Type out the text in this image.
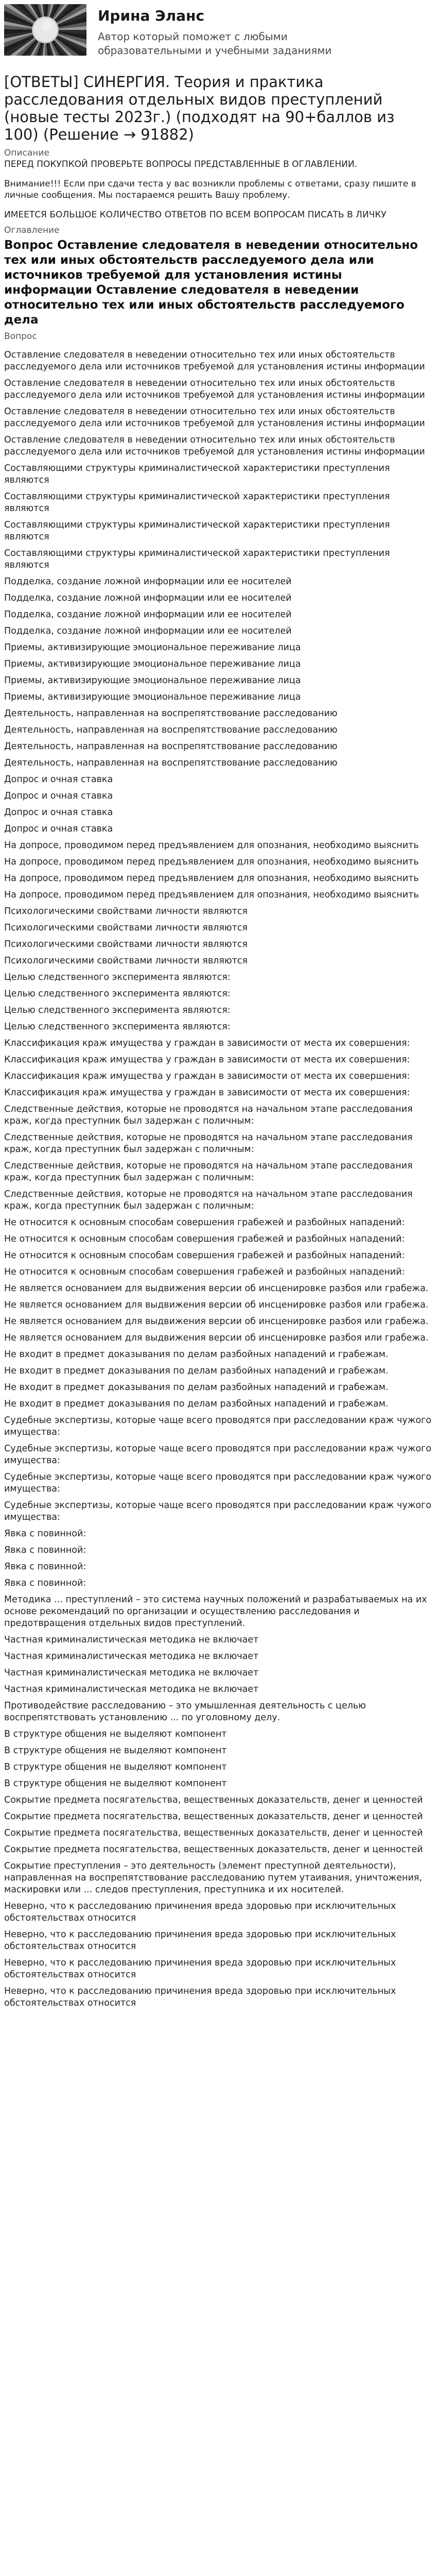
Ирина Эланс
Автор который поможет с любыми образовательными и учебными заданиями
[ОТВЕТЫ] СИНЕРГИЯ. Теория и практика расследования отдельных видов преступлений (новые тесты 2023г.) (подходят на 90+баллов из 100) (Решение → 91882)
Описание
ПЕРЕД ПОКУПКОЙ ПРОВЕРЬТЕ ВОПРОСЫ ПРЕДСТАВЛЕННЫЕ В ОГЛАВЛЕНИИ.
Внимание!!! Если при сдачи теста у вас возникли проблемы с ответами, сразу пишите в личные сообщения. Мы постараемся решить Вашу проблему.
ИМЕЕТСЯ БОЛЬШОЕ КОЛИЧЕСТВО ОТВЕТОВ ПО ВСЕМ ВОПРОСАМ ПИСАТЬ В ЛИЧКУ
Оглавление
Вопрос Оставление следователя в неведении относительно тех или иных обстоятельств расследуемого дела или источников требуемой для установления истины информации Оставление следователя в неведении относительно тех или иных обстоятельств расследуемого дела
Вопрос
Оставление следователя в неведении относительно тех или иных обстоятельств расследуемого дела или источников требуемой для установления истины информации
Оставление следователя в неведении относительно тех или иных обстоятельств расследуемого дела или источников требуемой для установления истины информации
Оставление следователя в неведении относительно тех или иных обстоятельств расследуемого дела или источников требуемой для установления истины информации
Оставление следователя в неведении относительно тех или иных обстоятельств расследуемого дела или источников требуемой для установления истины информации
Составляющими структуры криминалистической характеристики преступления являются
Составляющими структуры криминалистической характеристики преступления являются
Составляющими структуры криминалистической характеристики преступления являются
Составляющими структуры криминалистической характеристики преступления являются
Подделка, создание ложной информации или ее носителей
Подделка, создание ложной информации или ее носителей
Подделка, создание ложной информации или ее носителей
Подделка, создание ложной информации или ее носителей
Приемы, активизирующие эмоциональное переживание лица
Приемы, активизирующие эмоциональное переживание лица
Приемы, активизирующие эмоциональное переживание лица
Приемы, активизирующие эмоциональное переживание лица
Деятельность, направленная на воспрепятствование расследованию
Деятельность, направленная на воспрепятствование расследованию
Деятельность, направленная на воспрепятствование расследованию
Деятельность, направленная на воспрепятствование расследованию
Допрос и очная ставка
Допрос и очная ставка
Допрос и очная ставка
Допрос и очная ставка
На допросе, проводимом перед предъявлением для опознания, необходимо выяснить
На допросе, проводимом перед предъявлением для опознания, необходимо выяснить
На допросе, проводимом перед предъявлением для опознания, необходимо выяснить
На допросе, проводимом перед предъявлением для опознания, необходимо выяснить
Психологическими свойствами личности являются
Психологическими свойствами личности являются
Психологическими свойствами личности являются
Психологическими свойствами личности являются
Целью следственного эксперимента являются:
Целью следственного эксперимента являются:
Целью следственного эксперимента являются:
Целью следственного эксперимента являются:
Классификация краж имущества у граждан в зависимости от места их совершения:
Классификация краж имущества у граждан в зависимости от места их совершения:
Классификация краж имущества у граждан в зависимости от места их совершения:
Классификация краж имущества у граждан в зависимости от места их совершения:
Следственные действия, которые не проводятся на начальном этапе расследования краж, когда преступник был задержан с поличным:
Следственные действия, которые не проводятся на начальном этапе расследования краж, когда преступник был задержан с поличным:
Следственные действия, которые не проводятся на начальном этапе расследования краж, когда преступник был задержан с поличным:
Следственные действия, которые не проводятся на начальном этапе расследования краж, когда преступник был задержан с поличным:
Не относится к основным способам совершения грабежей и разбойных нападений:
Не относится к основным способам совершения грабежей и разбойных нападений:
Не относится к основным способам совершения грабежей и разбойных нападений:
Не относится к основным способам совершения грабежей и разбойных нападений:
Не является основанием для выдвижения версии об инсценировке разбоя или грабежа.
Не является основанием для выдвижения версии об инсценировке разбоя или грабежа.
Не является основанием для выдвижения версии об инсценировке разбоя или грабежа.
Не является основанием для выдвижения версии об инсценировке разбоя или грабежа.
Не входит в предмет доказывания по делам разбойных нападений и грабежам.
Не входит в предмет доказывания по делам разбойных нападений и грабежам.
Не входит в предмет доказывания по делам разбойных нападений и грабежам.
Не входит в предмет доказывания по делам разбойных нападений и грабежам.
Судебные экспертизы, которые чаще всего проводятся при расследовании краж чужого имущества:
Судебные экспертизы, которые чаще всего проводятся при расследовании краж чужого имущества:
Судебные экспертизы, которые чаще всего проводятся при расследовании краж чужого имущества:
Судебные экспертизы, которые чаще всего проводятся при расследовании краж чужого имущества:
Явка с повинной:
Явка с повинной:
Явка с повинной:
Явка с повинной:
Методика ... преступлений – это система научных положений и разрабатываемых на их основе рекомендаций по организации и осуществлению расследования и предотвращения отдельных видов преступлений.
Частная криминалистическая методика не включает
Частная криминалистическая методика не включает
Частная криминалистическая методика не включает
Частная криминалистическая методика не включает
Противодействие расследованию – это умышленная деятельность с целью воспрепятствовать установлению ... по уголовному делу.
В структуре общения не выделяют компонент
В структуре общения не выделяют компонент
В структуре общения не выделяют компонент
В структуре общения не выделяют компонент
Сокрытие предмета посягательства, вещественных доказательств, денег и ценностей
Сокрытие предмета посягательства, вещественных доказательств, денег и ценностей
Сокрытие предмета посягательства, вещественных доказательств, денег и ценностей
Сокрытие предмета посягательства, вещественных доказательств, денег и ценностей
Сокрытие преступления – это деятельность (элемент преступной деятельности), направленная на воспрепятствование расследованию путем утаивания, уничтожения, маскировки или ... следов преступления, преступника и их носителей.
Неверно, что к расследованию причинения вреда здоровью при исключительных обстоятельствах относится
Неверно, что к расследованию причинения вреда здоровью при исключительных обстоятельствах относится
Неверно, что к расследованию причинения вреда здоровью при исключительных обстоятельствах относится
Неверно, что к расследованию причинения вреда здоровью при исключительных обстоятельствах относится
